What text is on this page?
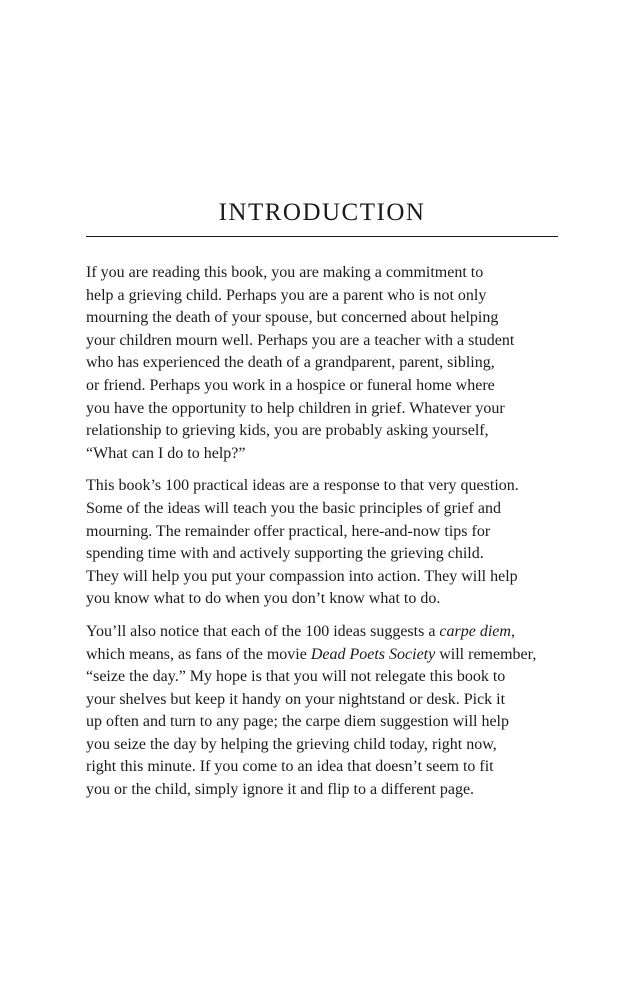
INTRODUCTION

If you are reading this book, you are making a commitment to
help a grieving child. Perhaps you are a parent who is not only
mourning the death of your spouse, but concerned about helping
your children mourn well. Perhaps you are a teacher with a student
who has experienced the death of a grandparent, parent, sibling,
or friend. Perhaps you work in a hospice or funeral home where
you have the opportunity to help children in grief. Whatever your
relationship to grieving kids, you are probably asking yourself,
“What can I do to help?”

This book’s 100 practical ideas are a response to that very question.
Some of the ideas will teach you the basic principles of grief and
mourning. The remainder offer practical, here-and-now tips for
spending time with and actively supporting the grieving child.
They will help you put your compassion into action. They will help
you know what to do when you don’t know what to do.

You’ll also notice that each of the 100 ideas suggests a carpe diem,
which means, as fans of the movie Dead Poets Society will remember,
“seize the day.” My hope is that you will not relegate this book to
your shelves but keep it handy on your nightstand or desk. Pick it
up often and turn to any page; the carpe diem suggestion will help
you seize the day by helping the grieving child today, right now,
right this minute. If you come to an idea that doesn’t seem to fit
you or the child, simply ignore it and flip to a different page.
